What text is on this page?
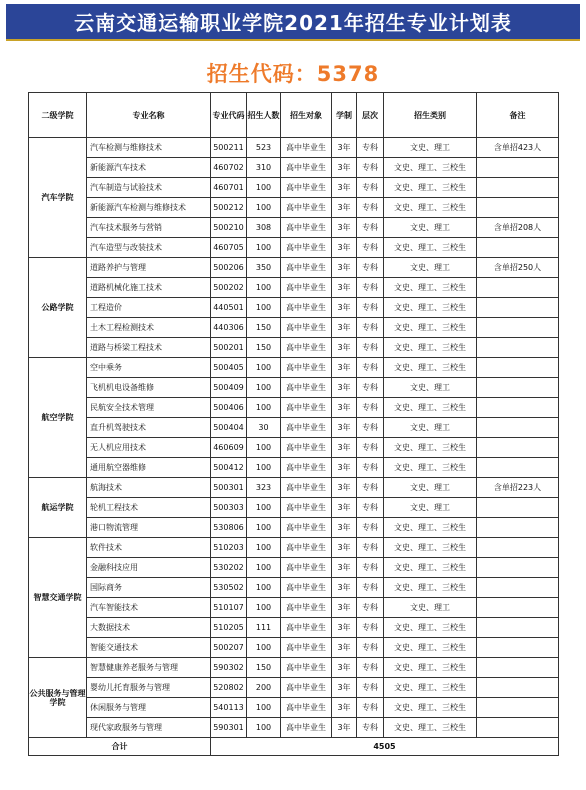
云南交通运输职业学院2021年招生专业计划表
招生代码：5378
二级学院	专业名称	专业代码	招生人数	招生对象	学制	层次	招生类别	备注
汽车学院	汽车检测与维修技术	500211	523	高中毕业生	3年	专科	文史、理工	含单招423人
	新能源汽车技术	460702	310	高中毕业生	3年	专科	文史、理工、三校生	
	汽车制造与试验技术	460701	100	高中毕业生	3年	专科	文史、理工、三校生	
	新能源汽车检测与维修技术	500212	100	高中毕业生	3年	专科	文史、理工、三校生	
	汽车技术服务与营销	500210	308	高中毕业生	3年	专科	文史、理工	含单招208人
	汽车造型与改装技术	460705	100	高中毕业生	3年	专科	文史、理工、三校生	
公路学院	道路养护与管理	500206	350	高中毕业生	3年	专科	文史、理工	含单招250人
	道路机械化施工技术	500202	100	高中毕业生	3年	专科	文史、理工、三校生	
	工程造价	440501	100	高中毕业生	3年	专科	文史、理工、三校生	
	土木工程检测技术	440306	150	高中毕业生	3年	专科	文史、理工、三校生	
	道路与桥梁工程技术	500201	150	高中毕业生	3年	专科	文史、理工、三校生	
航空学院	空中乘务	500405	100	高中毕业生	3年	专科	文史、理工、三校生	
	飞机机电设备维修	500409	100	高中毕业生	3年	专科	文史、理工	
	民航安全技术管理	500406	100	高中毕业生	3年	专科	文史、理工、三校生	
	直升机驾驶技术	500404	30	高中毕业生	3年	专科	文史、理工	
	无人机应用技术	460609	100	高中毕业生	3年	专科	文史、理工、三校生	
	通用航空器维修	500412	100	高中毕业生	3年	专科	文史、理工、三校生	
航运学院	航海技术	500301	323	高中毕业生	3年	专科	文史、理工	含单招223人
	轮机工程技术	500303	100	高中毕业生	3年	专科	文史、理工	
	港口物流管理	530806	100	高中毕业生	3年	专科	文史、理工、三校生	
智慧交通学院	软件技术	510203	100	高中毕业生	3年	专科	文史、理工、三校生	
	金融科技应用	530202	100	高中毕业生	3年	专科	文史、理工、三校生	
	国际商务	530502	100	高中毕业生	3年	专科	文史、理工、三校生	
	汽车智能技术	510107	100	高中毕业生	3年	专科	文史、理工	
	大数据技术	510205	111	高中毕业生	3年	专科	文史、理工、三校生	
	智能交通技术	500207	100	高中毕业生	3年	专科	文史、理工、三校生	
公共服务与管理学院	智慧健康养老服务与管理	590302	150	高中毕业生	3年	专科	文史、理工、三校生	
	婴幼儿托育服务与管理	520802	200	高中毕业生	3年	专科	文史、理工、三校生	
	休闲服务与管理	540113	100	高中毕业生	3年	专科	文史、理工、三校生	
	现代家政服务与管理	590301	100	高中毕业生	3年	专科	文史、理工、三校生	
合计		4505						
